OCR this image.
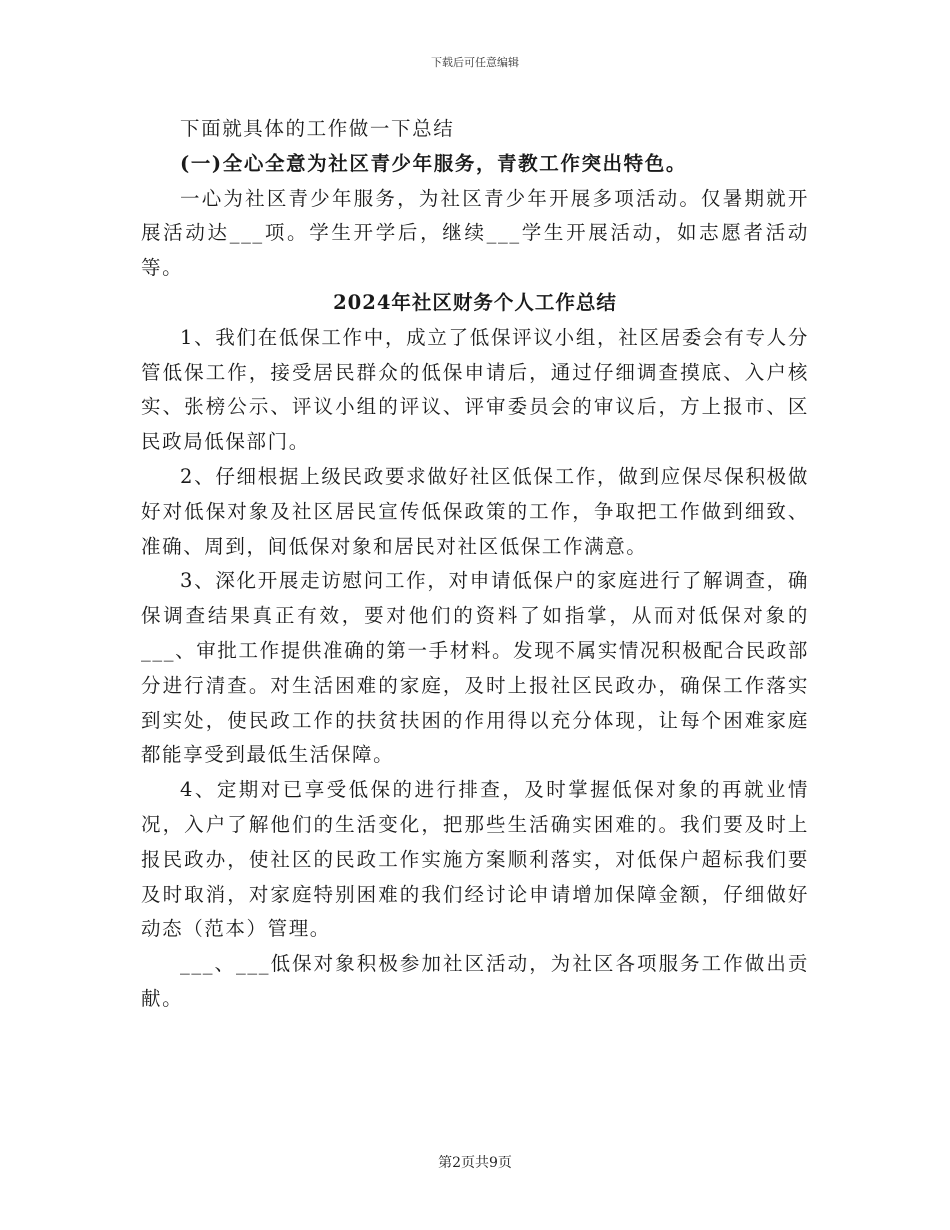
下载后可任意编辑

下面就具体的工作做一下总结

(一)全心全意为社区青少年服务，青教工作突出特色。

一心为社区青少年服务，为社区青少年开展多项活动。仅暑期就开展活动达___项。学生开学后，继续___学生开展活动，如志愿者活动等。

2024年社区财务个人工作总结

1、我们在低保工作中，成立了低保评议小组，社区居委会有专人分管低保工作，接受居民群众的低保申请后，通过仔细调查摸底、入户核实、张榜公示、评议小组的评议、评审委员会的审议后，方上报市、区民政局低保部门。

2、仔细根据上级民政要求做好社区低保工作，做到应保尽保积极做好对低保对象及社区居民宣传低保政策的工作，争取把工作做到细致、准确、周到，间低保对象和居民对社区低保工作满意。

3、深化开展走访慰问工作，对申请低保户的家庭进行了解调查，确保调查结果真正有效，要对他们的资料了如指掌，从而对低保对象的___、审批工作提供准确的第一手材料。发现不属实情况积极配合民政部分进行清查。对生活困难的家庭，及时上报社区民政办，确保工作落实到实处，使民政工作的扶贫扶困的作用得以充分体现，让每个困难家庭都能享受到最低生活保障。

4、定期对已享受低保的进行排查，及时掌握低保对象的再就业情况，入户了解他们的生活变化，把那些生活确实困难的。我们要及时上报民政办，使社区的民政工作实施方案顺利落实，对低保户超标我们要及时取消，对家庭特别困难的我们经讨论申请增加保障金额，仔细做好动态（范本）管理。

___、___低保对象积极参加社区活动，为社区各项服务工作做出贡献。

第2页共9页
